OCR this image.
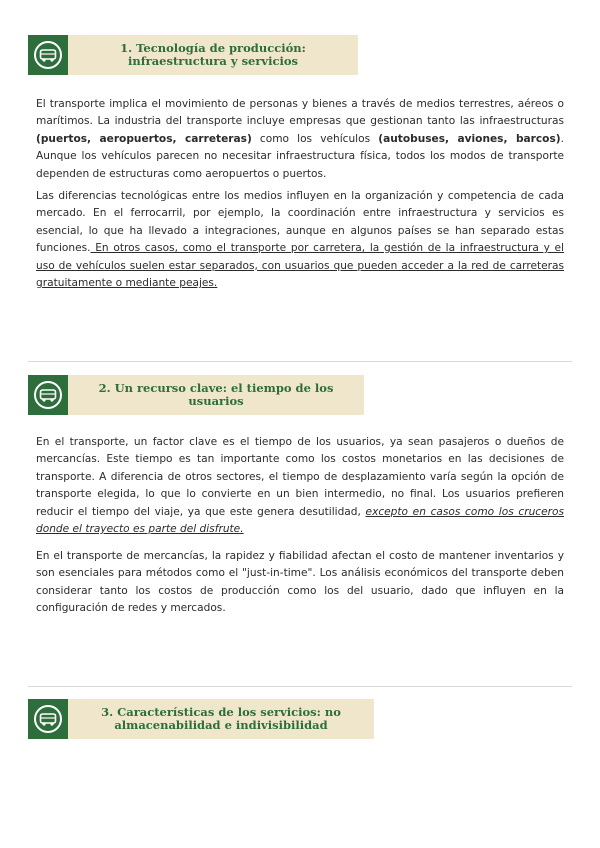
1. Tecnología de producción:
infraestructura y servicios

El transporte implica el movimiento de personas y bienes a través de medios terrestres, aéreos o marítimos. La industria del transporte incluye empresas que gestionan tanto las infraestructuras (puertos, aeropuertos, carreteras) como los vehículos (autobuses, aviones, barcos). Aunque los vehículos parecen no necesitar infraestructura física, todos los modos de transporte dependen de estructuras como aeropuertos o puertos.

Las diferencias tecnológicas entre los medios influyen en la organización y competencia de cada mercado. En el ferrocarril, por ejemplo, la coordinación entre infraestructura y servicios es esencial, lo que ha llevado a integraciones, aunque en algunos países se han separado estas funciones. En otros casos, como el transporte por carretera, la gestión de la infraestructura y el uso de vehículos suelen estar separados, con usuarios que pueden acceder a la red de carreteras gratuitamente o mediante peajes.

2. Un recurso clave: el tiempo de los
usuarios

En el transporte, un factor clave es el tiempo de los usuarios, ya sean pasajeros o dueños de mercancías. Este tiempo es tan importante como los costos monetarios en las decisiones de transporte. A diferencia de otros sectores, el tiempo de desplazamiento varía según la opción de transporte elegida, lo que lo convierte en un bien intermedio, no final. Los usuarios prefieren reducir el tiempo del viaje, ya que este genera desutilidad, excepto en casos como los cruceros donde el trayecto es parte del disfrute.

En el transporte de mercancías, la rapidez y fiabilidad afectan el costo de mantener inventarios y son esenciales para métodos como el "just-in-time". Los análisis económicos del transporte deben considerar tanto los costos de producción como los del usuario, dado que influyen en la configuración de redes y mercados.

3. Características de los servicios: no
almacenabilidad e indivisibilidad
